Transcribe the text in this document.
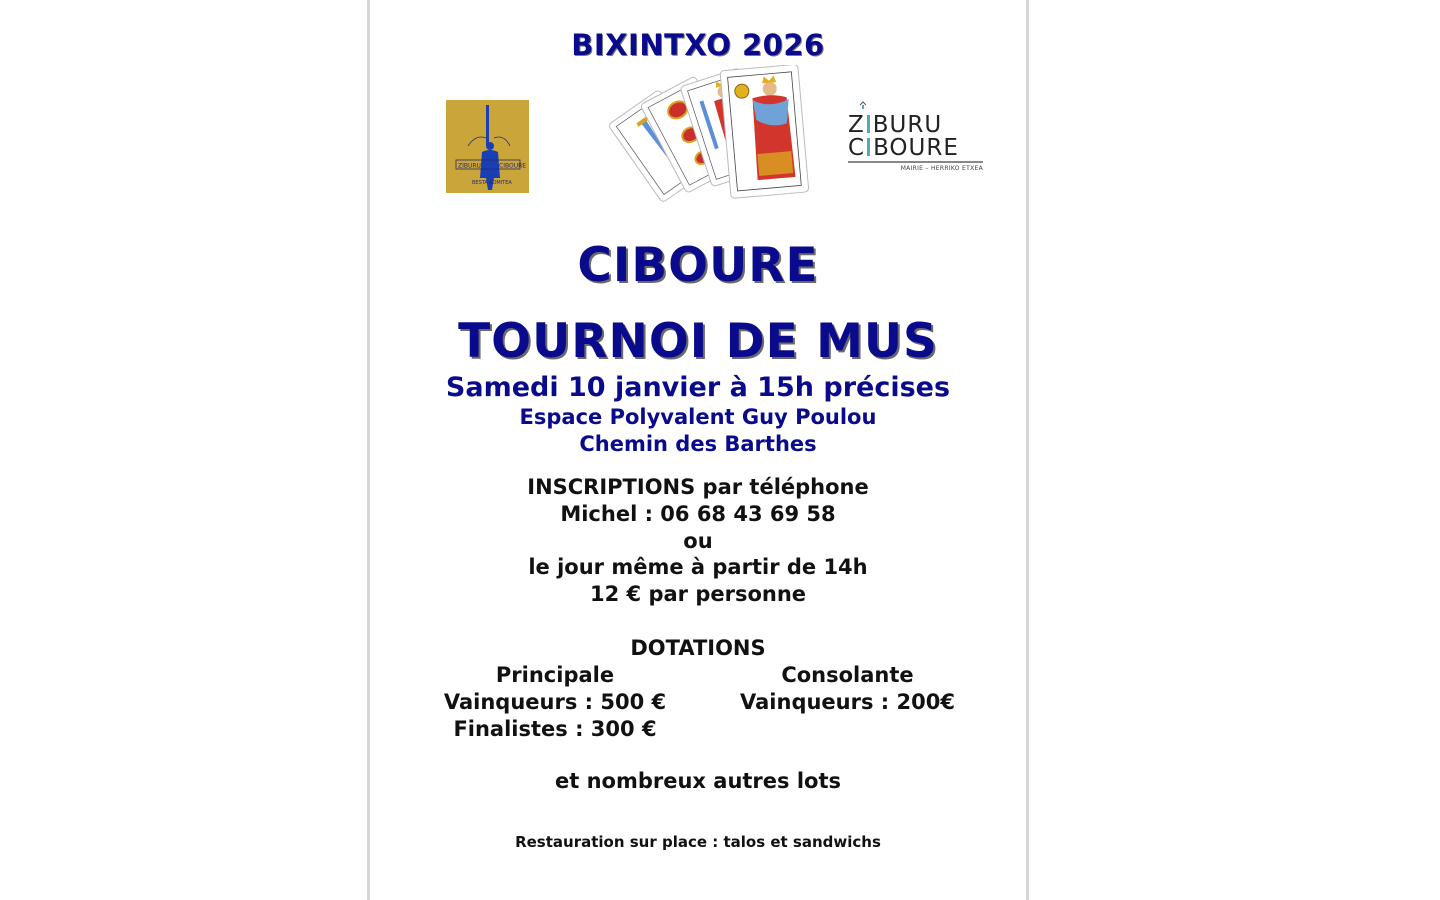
BIXINTXO 2026
ZIBURU	CIBOURE
BESTA KOMITEA
Z BURU
C BOURE
MAIRIE – HERRIKO ETXEA
CIBOURE
TOURNOI DE MUS
Samedi 10 janvier à 15h précises
Espace Polyvalent Guy Poulou
Chemin des Barthes
INSCRIPTIONS par téléphone
Michel : 06 68 43 69 58
ou
le jour même à partir de 14h
12 € par personne
DOTATIONS
Principale
Vainqueurs : 500 €
Finalistes : 300 €
Consolante
Vainqueurs : 200€
et nombreux autres lots
Restauration sur place : talos et sandwichs
